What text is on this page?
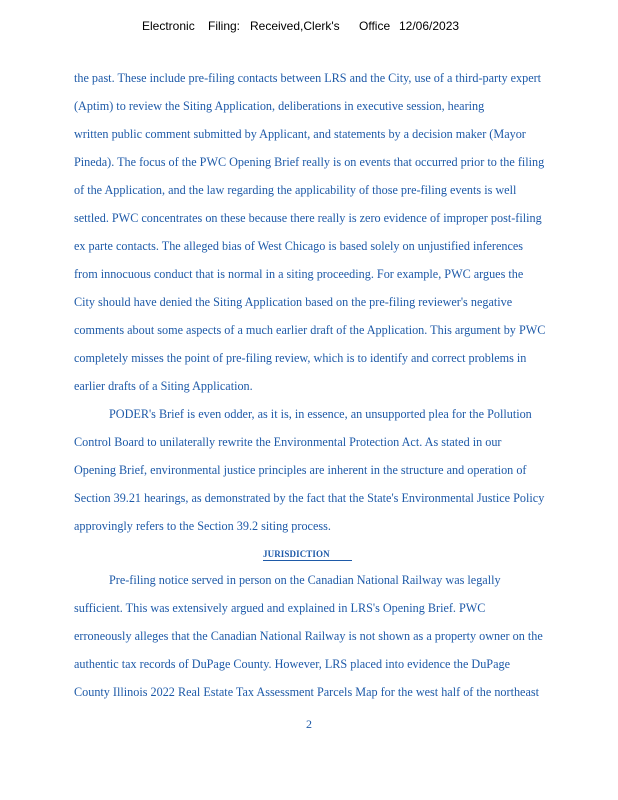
Electronic Filing: Received,Clerk's Office 12/06/2023
the past. These include pre-filing contacts between LRS and the City, use of a third-party expert
(Aptim) to review the Siting Application, deliberations in executive session, hearing
written public comment submitted by Applicant, and statements by a decision maker (Mayor
Pineda). The focus of the PWC Opening Brief really is on events that occurred prior to the filing
of the Application, and the law regarding the applicability of those pre-filing events is well
settled. PWC concentrates on these because there really is zero evidence of improper post-filing
ex parte contacts. The alleged bias of West Chicago is based solely on unjustified inferences
from innocuous conduct that is normal in a siting proceeding. For example, PWC argues the
City should have denied the Siting Application based on the pre-filing reviewer's negative
comments about some aspects of a much earlier draft of the Application. This argument by PWC
completely misses the point of pre-filing review, which is to identify and correct problems in
earlier drafts of a Siting Application.
PODER's Brief is even odder, as it is, in essence, an unsupported plea for the Pollution
Control Board to unilaterally rewrite the Environmental Protection Act. As stated in our
Opening Brief, environmental justice principles are inherent in the structure and operation of
Section 39.21 hearings, as demonstrated by the fact that the State's Environmental Justice Policy
approvingly refers to the Section 39.2 siting process.
JURISDICTION
Pre-filing notice served in person on the Canadian National Railway was legally
sufficient. This was extensively argued and explained in LRS's Opening Brief. PWC
erroneously alleges that the Canadian National Railway is not shown as a property owner on the
authentic tax records of DuPage County. However, LRS placed into evidence the DuPage
County Illinois 2022 Real Estate Tax Assessment Parcels Map for the west half of the northeast
2
